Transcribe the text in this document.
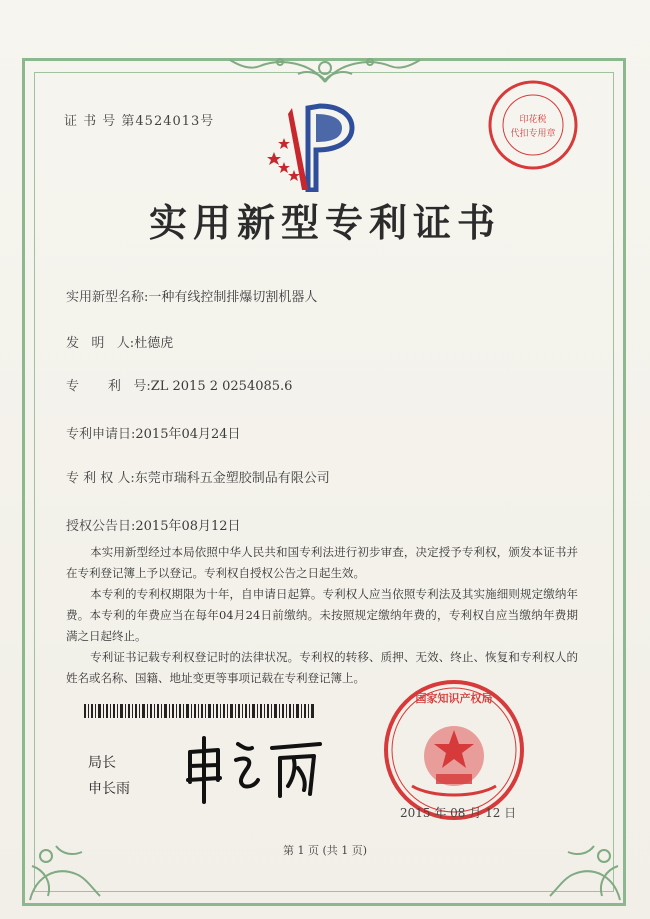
证 书 号 第4524013号	印花税
代扣专用章
实用新型专利证书
实用新型名称:一种有线控制排爆切割机器人
发   明   人:杜德虎
专       利   号:ZL 2015 2 0254085.6
专利申请日:2015年04月24日
专 利 权 人:东莞市瑞科五金塑胶制品有限公司
授权公告日:2015年08月12日

本实用新型经过本局依照中华人民共和国专利法进行初步审查，决定授予专利权，颁发本证书并在专利登记簿上予以登记。专利权自授权公告之日起生效。

本专利的专利权期限为十年，自申请日起算。专利权人应当依照专利法及其实施细则规定缴纳年费。本专利的年费应当在每年04月24日前缴纳。未按照规定缴纳年费的，专利权自应当缴纳年费期满之日起终止。

专利证书记载专利权登记时的法律状况。专利权的转移、质押、无效、终止、恢复和专利权人的姓名或名称、国籍、地址变更等事项记载在专利登记簿上。

局长
申长雨
国家知识产权局
2015 年 08 月 12 日
第 1 页 (共 1 页)
